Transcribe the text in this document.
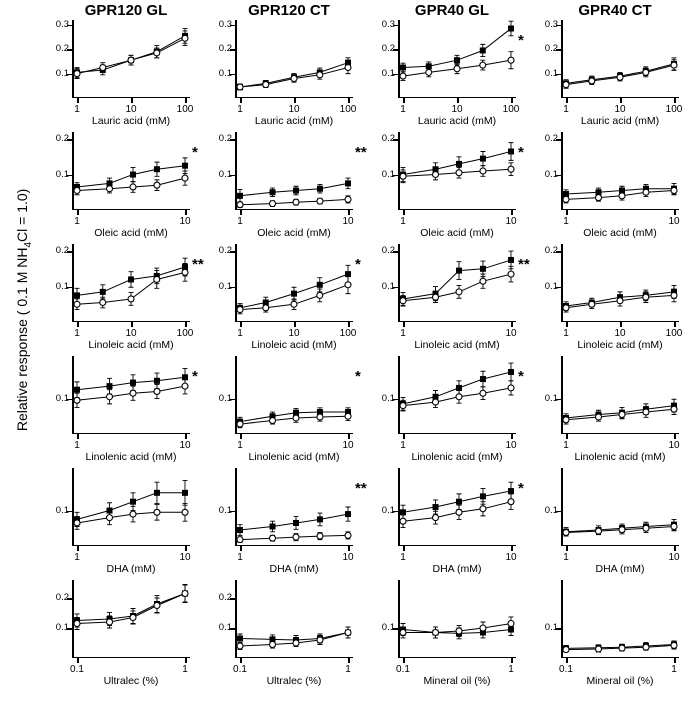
Relative response ( 0.1 M $NH_4Cl = 1.0$)
GPR120 GL	GPR120 CT	GPR40 GL	GPR40 CT
0.1
0.2
0.3
1	10	100
Lauric acid (mM)
0.1
0.2
0.3
1	10	100
Lauric acid (mM)
0.1
0.2
0.3
1	10	100
Lauric acid (mM)
*
0.1
0.2
0.3
1	10	100
Lauric acid (mM)
0.1
0.2
1	10
Oleic acid (mM)
*
0.1
0.2
1	10
Oleic acid (mM)
**
0.1
0.2
1	10
Oleic acid (mM)
*
0.1
0.2
1	10
Oleic acid (mM)
0.1
0.2
1	10	100
Linoleic acid (mM)
**
0.1
0.2
1	10	100
Linoleic acid (mM)
*
0.1
0.2
1	10
Linoleic acid (mM)
**
0.1
0.2
1	10	100
Linoleic acid (mM)
0.1
1	10
Linolenic acid (mM)
*
0.1
1	10
Linolenic acid (mM)
*
0.1
1	10
Linolenic acid (mM)
*
0.1
1	10
Linolenic acid (mM)
0.1
1	10
DHA (mM)
0.1
1	10
DHA (mM)
**
0.1
1	10
DHA (mM)
*
0.1
1	10
DHA (mM)
0.1
0.2
0.1	1
Ultralec (%)
0.1
0.2
0.1	1
Ultralec (%)
0.1
0.1	1
Mineral oil (%)
0.1
0.1	1
Mineral oil (%)
